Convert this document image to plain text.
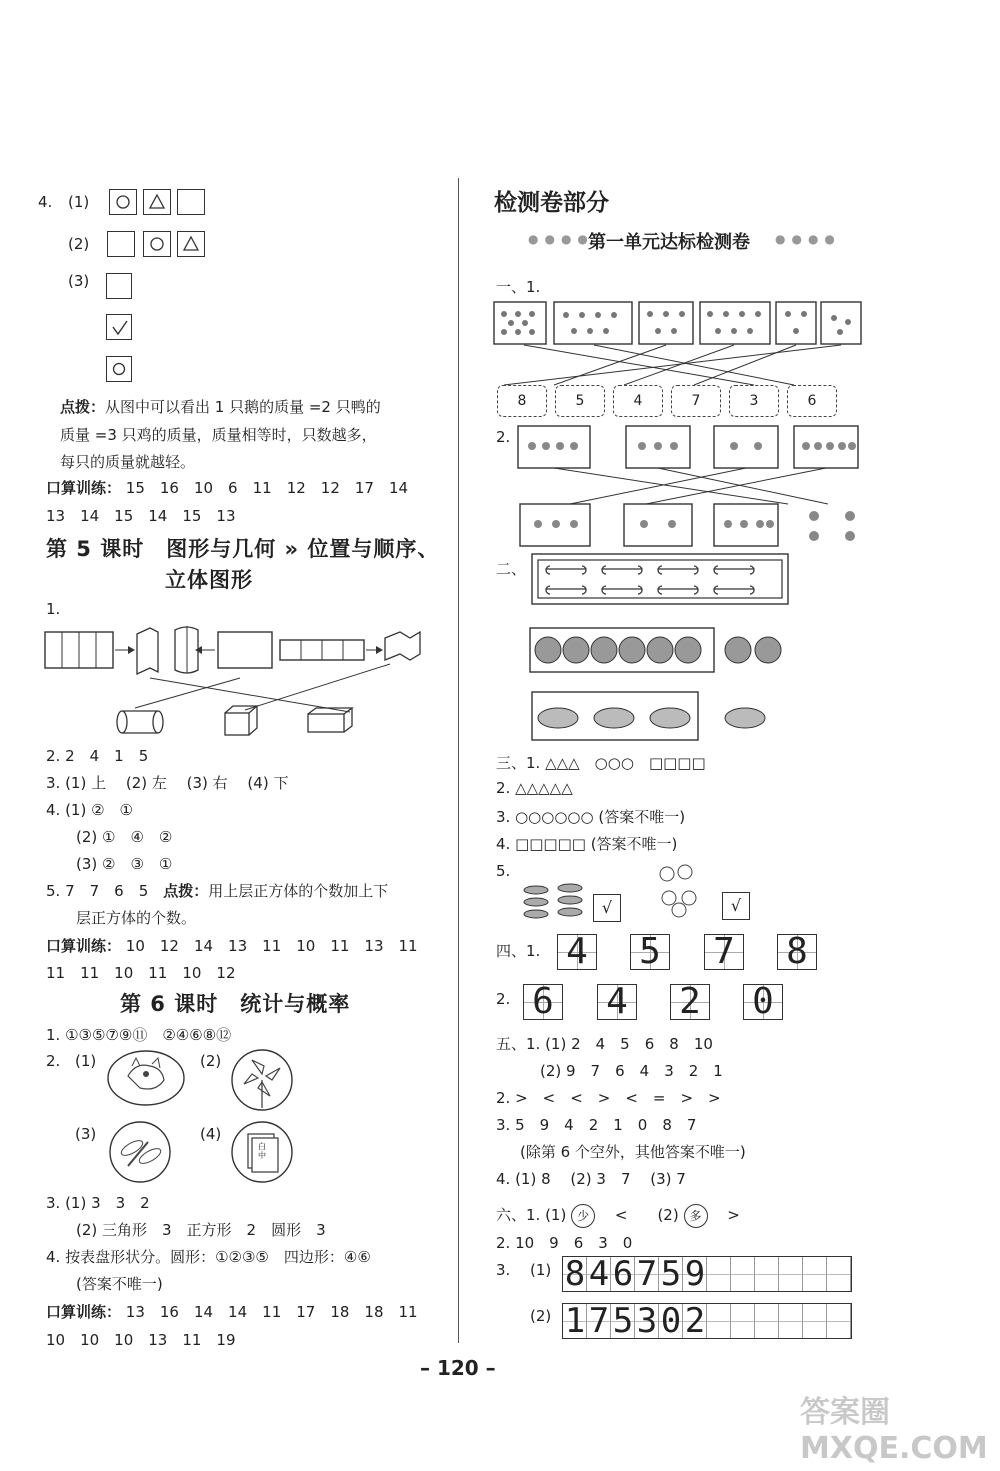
4. (1)
(2)
(3)
点拨：从图中可以看出 1 只鹅的质量 =2 只鸭的
质量 =3 只鸡的质量，质量相等时，只数越多，
每只的质量就越轻。
口算训练： 15　16　10　6　11　12　12　17　14
13　14　15　14　15　13
第 5 课时　图形与几何 » 位置与顺序、
立体图形
1.
2. 2　4　1　5
3. (1) 上　 (2) 左　 (3) 右　 (4) 下
4. (1) ②　①
(2) ①　④　②
(3) ②　③　①
5. 7　7　6　5　 点拨：用上层正方体的个数加上下
层正方体的个数。
口算训练： 10　12　14　13　11　10　11　13　11
11　11　10　11　10　12
第 6 课时　统计与概率
1. ①③⑤⑦⑨⑪　②④⑥⑧⑫
2. (1)	(2)
(3)	(4)
白
中
3. (1) 3　3　2
(2) 三角形　3　正方形　2　圆形　3
4. 按表盘形状分。圆形：①②③⑤　四边形：④⑥
(答案不唯一)
口算训练： 13　16　14　14　11　17　18　18　11
10　10　10　13　11　19
检测卷部分
●●●●
第一单元达标检测卷 ●●●●
一、1.
8	5	4	7	3	6
2.
二、
三、1. △△△　○○○　□□□□
2. △△△△△
3. ○○○○○○ (答案不唯一)
4. □□□□□ (答案不唯一)
5.
√	√
四、1. 4 5 7 8
2. 6 4 2 0
五、1. (1) 2　4　5　6　8　10
(2) 9　7　6　4　3　2　1
2. >　<　<　>　<　=　>　>
3. 5　9　4　2　1　0　8　7
(除第 6 个空外，其他答案不唯一)
4. (1) 8　 (2) 3　7　 (3) 7
六、1. (1) 少 　 <　　(2) 多 　 >
2. 10　9　6　3　0
3. (1) 8 4 6 7 5 9
(2) 1 7 5 3 0 2
– 120 –
答案圈 MXQE.COM
